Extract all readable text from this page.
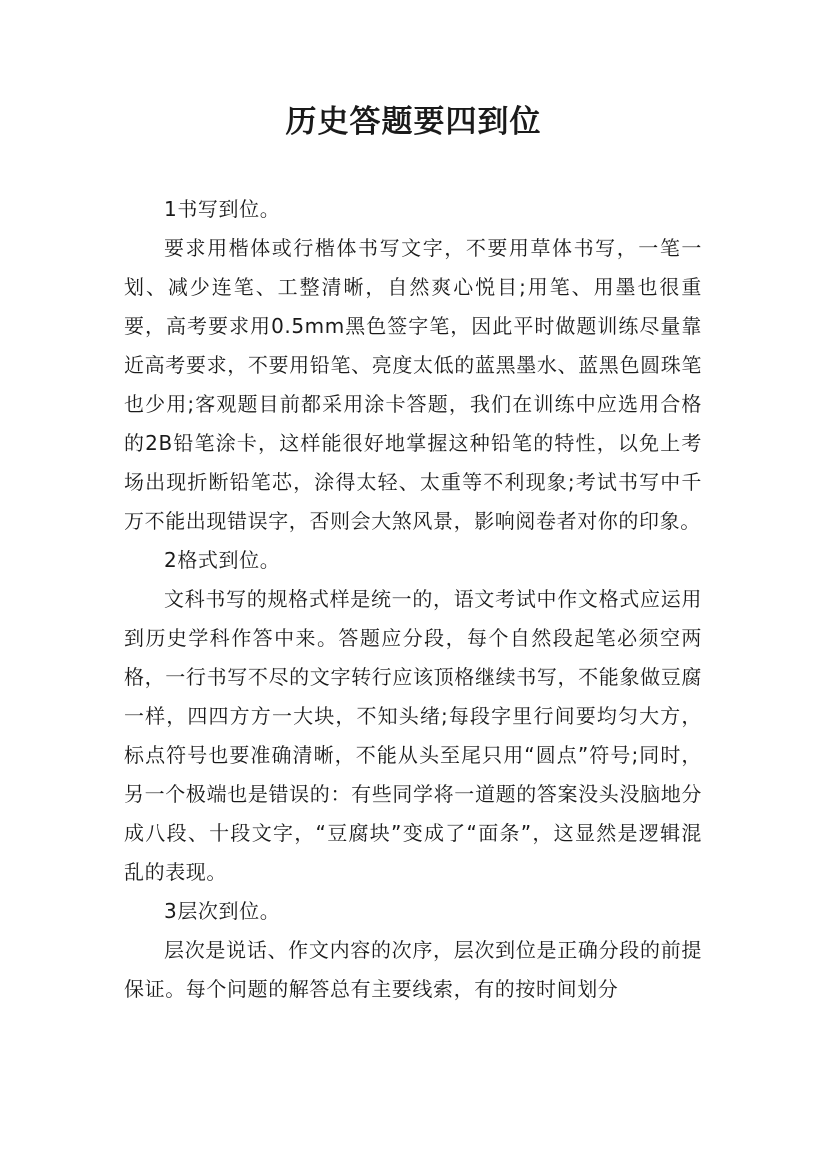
历史答题要四到位

1书写到位。

要求用楷体或行楷体书写文字，不要用草体书写，一笔一划、减少连笔、工整清晰，自然爽心悦目;用笔、用墨也很重要，高考要求用0.5mm黑色签字笔，因此平时做题训练尽量靠近高考要求，不要用铅笔、亮度太低的蓝黑墨水、蓝黑色圆珠笔也少用;客观题目前都采用涂卡答题，我们在训练中应选用合格的2B铅笔涂卡，这样能很好地掌握这种铅笔的特性，以免上考场出现折断铅笔芯，涂得太轻、太重等不利现象;考试书写中千万不能出现错误字，否则会大煞风景，影响阅卷者对你的印象。

2格式到位。

文科书写的规格式样是统一的，语文考试中作文格式应运用到历史学科作答中来。答题应分段，每个自然段起笔必须空两格，一行书写不尽的文字转行应该顶格继续书写，不能象做豆腐一样，四四方方一大块，不知头绪;每段字里行间要均匀大方，标点符号也要准确清晰，不能从头至尾只用“圆点”符号;同时，另一个极端也是错误的：有些同学将一道题的答案没头没脑地分成八段、十段文字，“豆腐块”变成了“面条”，这显然是逻辑混乱的表现。

3层次到位。

层次是说话、作文内容的次序，层次到位是正确分段的前提保证。每个问题的解答总有主要线索，有的按时间划分
